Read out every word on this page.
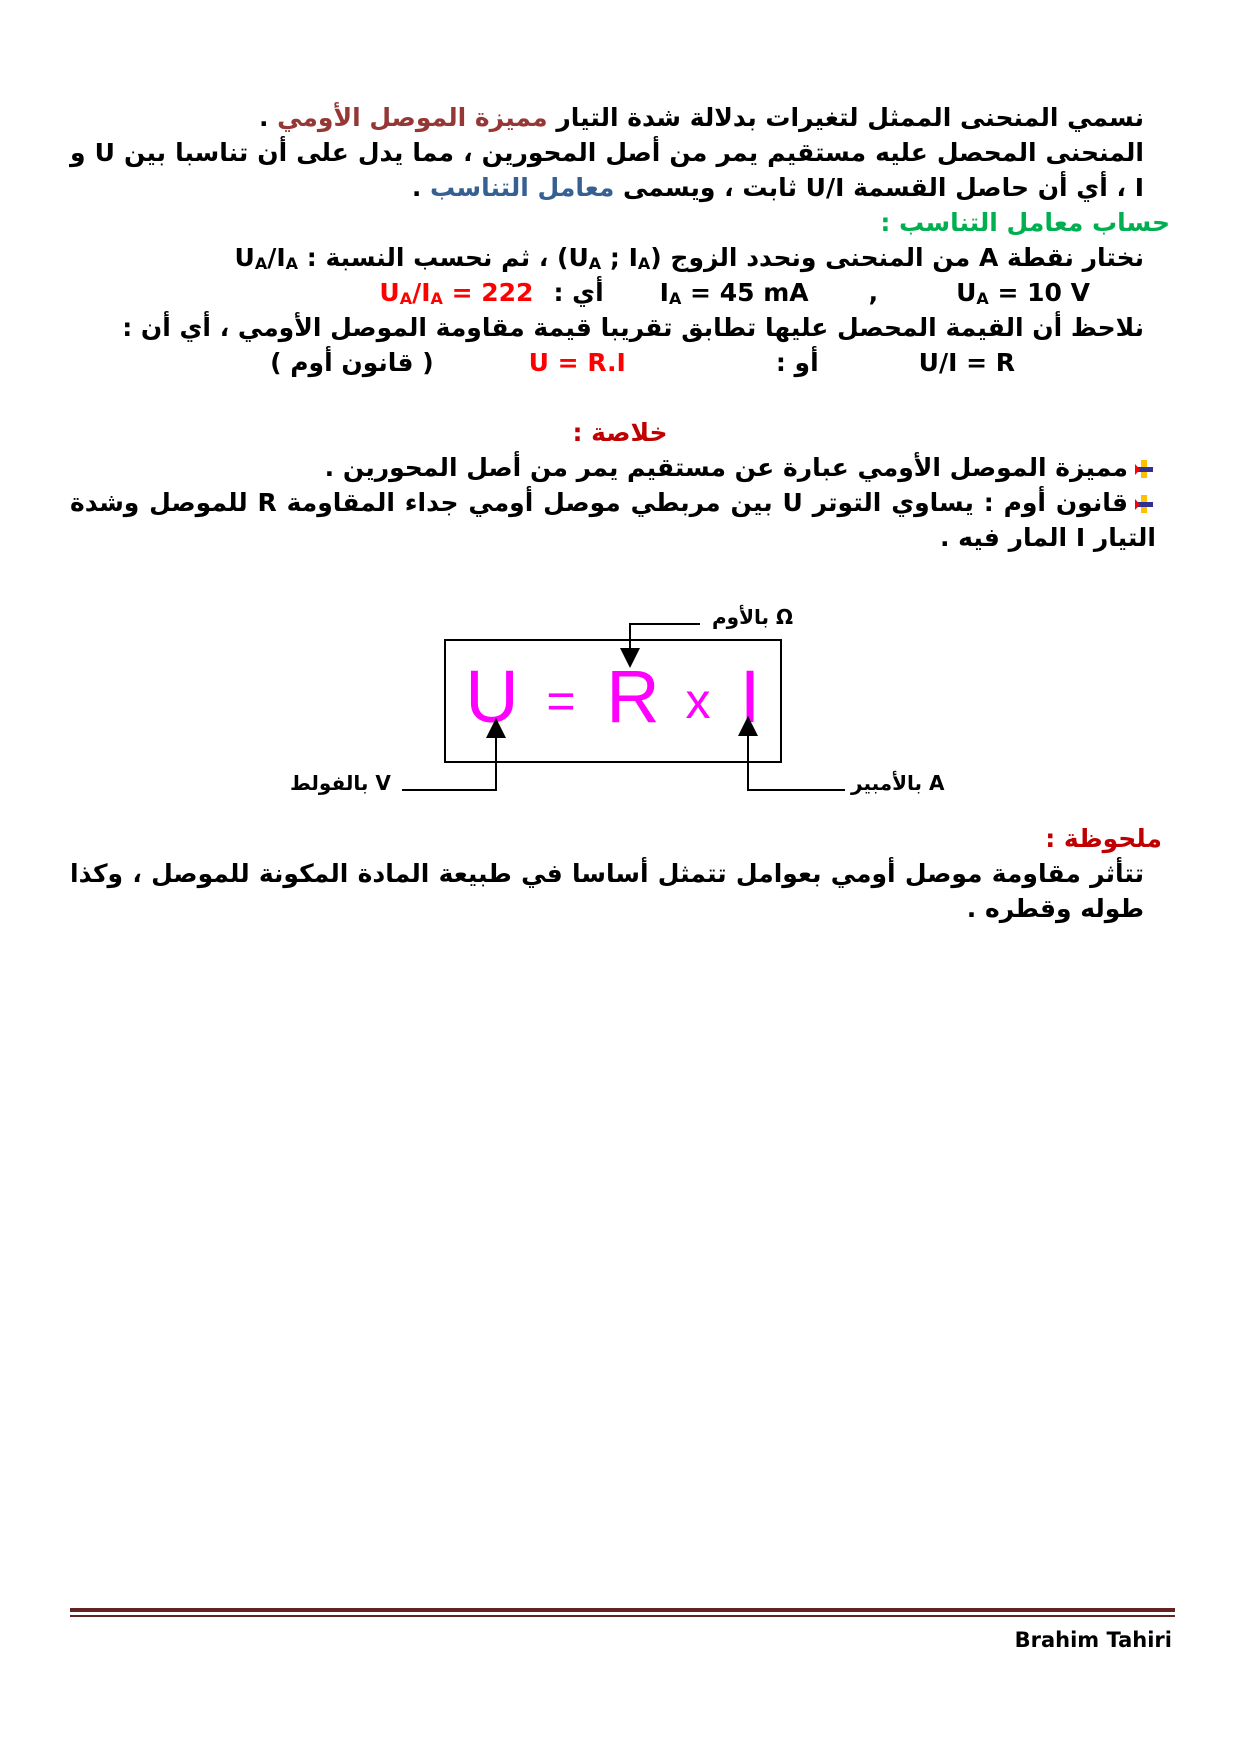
نسمي المنحنى الممثل لتغيرات بدلالة شدة التيار مميزة الموصل الأومي .

المنحنى المحصل عليه مستقيم يمر من أصل المحورين ، مما يدل على أن تناسبا بين U و I ، أي أن حاصل القسمة U/I ثابت ، ويسمى معامل التناسب .

حساب معامل التناسب :

نختار نقطة A من المنحنى ونحدد الزوج ($U_A$ ; $I_A$) ، ثم نحسب النسبة : $U_A/I_A$

$U_A = 10$ V
,
$I_A = 45$ mA
أي :
$U_A/I_A = 222$

نلاحظ أن القيمة المحصل عليها تطابق تقريبا قيمة مقاومة الموصل الأومي ، أي أن :

U/I = R
أو :
U = R.I
( قانون أوم )

خلاصة :

مميزة الموصل الأومي عبارة عن مستقيم يمر من أصل المحورين .

قانون أوم : يساوي التوتر U بين مربطي موصل أومي جداء المقاومة R للموصل وشدة التيار I المار فيه .

U = R x I
بالأوم Ω
بالفولط V	بالأمبير A

ملحوظة :

تتأثر مقاومة موصل أومي بعوامل تتمثل أساسا في طبيعة المادة المكونة للموصل ، وكذا طوله وقطره .

Brahim Tahiri
